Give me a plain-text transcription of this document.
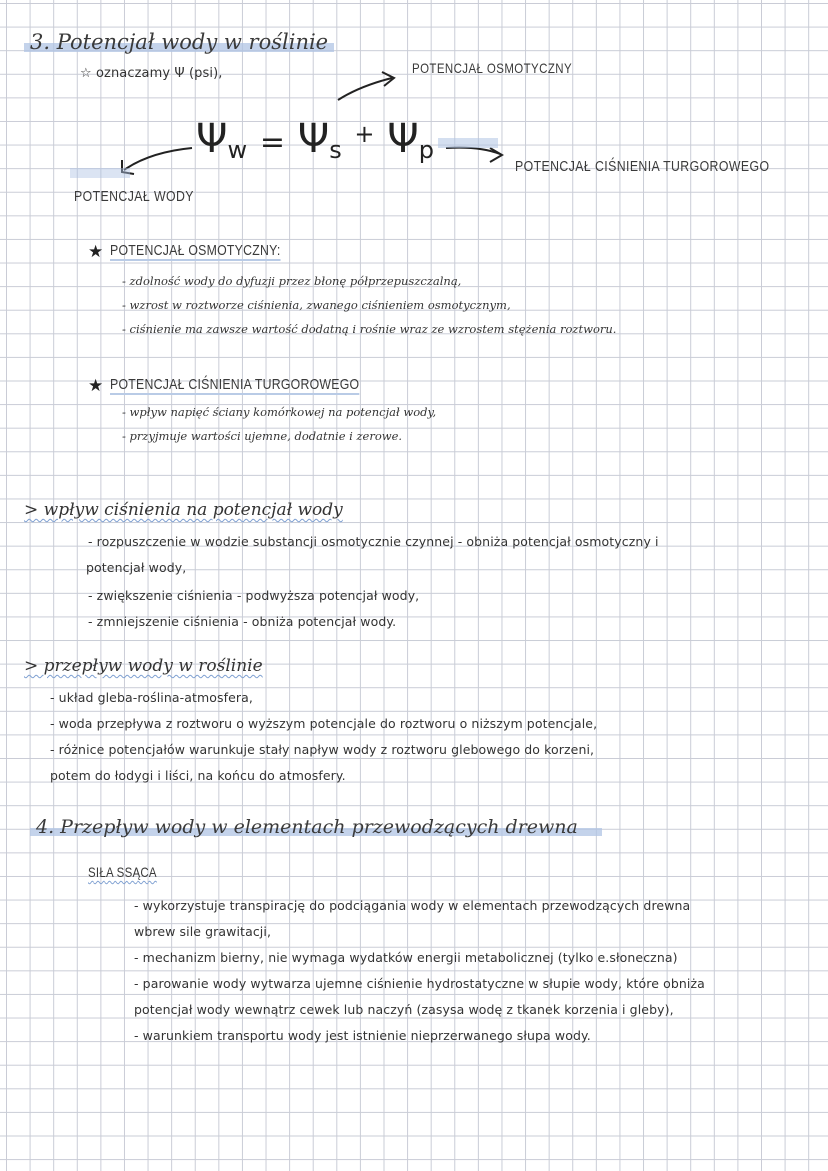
3. Potencjał wody w roślinie
☆ oznaczamy Ψ (psi),	POTENCJAŁ OSMOTYCZNY
$\Psi_w = \Psi_s$ + $\Psi_p$
POTENCJAŁ CIŚNIENIA TURGOROWEGO
POTENCJAŁ WODY
★ POTENCJAŁ OSMOTYCZNY:
- zdolność wody do dyfuzji przez błonę półprzepuszczalną,
- wzrost w roztworze ciśnienia, zwanego ciśnieniem osmotycznym,
- ciśnienie ma zawsze wartość dodatną i rośnie wraz ze wzrostem stężenia roztworu.
★ POTENCJAŁ CIŚNIENIA TURGOROWEGO
- wpływ napięć ściany komórkowej na potencjał wody,
- przyjmuje wartości ujemne, dodatnie i zerowe.
> wpływ ciśnienia na potencjał wody
- rozpuszczenie w wodzie substancji osmotycznie czynnej - obniża potencjał osmotyczny i
potencjał wody,
- zwiększenie ciśnienia - podwyższa potencjał wody,
- zmniejszenie ciśnienia - obniża potencjał wody.
> przepływ wody w roślinie
- układ gleba-roślina-atmosfera,
- woda przepływa z roztworu o wyższym potencjale do roztworu o niższym potencjale,
- różnice potencjałów warunkuje stały napływ wody z roztworu glebowego do korzeni,
potem do łodygi i liści, na końcu do atmosfery.
4. Przepływ wody w elementach przewodzących drewna
SIŁA SSĄCA
- wykorzystuje transpirację do podciągania wody w elementach przewodzących drewna
wbrew sile grawitacji,
- mechanizm bierny, nie wymaga wydatków energii metabolicznej (tylko e.słoneczna)
- parowanie wody wytwarza ujemne ciśnienie hydrostatyczne w słupie wody, które obniża
potencjał wody wewnątrz cewek lub naczyń (zasysa wodę z tkanek korzenia i gleby),
- warunkiem transportu wody jest istnienie nieprzerwanego słupa wody.
